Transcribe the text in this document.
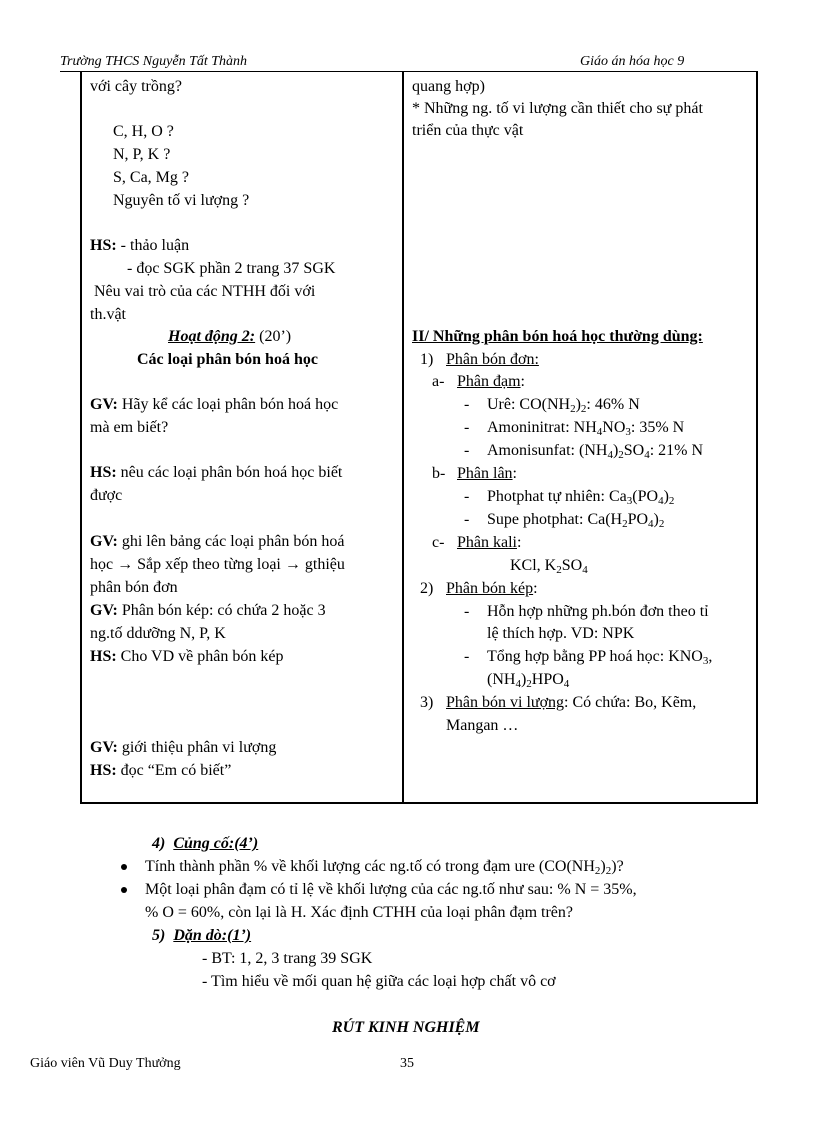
Trường THCS Nguyễn Tất Thành	Giáo án hóa học 9
với cây trồng?
C, H, O ?
N, P, K ?
S, Ca, Mg ?
Nguyên tố vi lượng ?
HS: - thảo luận
- đọc SGK phần 2 trang 37 SGK
Nêu vai trò của các NTHH đối với
th.vật
Hoạt động 2: (20’)
Các loại phân bón hoá học
GV: Hãy kể các loại phân bón hoá học
mà em biết?
HS: nêu các loại phân bón hoá học biết
được
GV: ghi lên bảng các loại phân bón hoá
học → Sắp xếp theo từng loại → gthiệu
phân bón đơn
GV: Phân bón kép: có chứa 2 hoặc 3
ng.tố ddưỡng N, P, K
HS: Cho VD về phân bón kép
GV: giới thiệu phân vi lượng
HS: đọc “Em có biết”
quang hợp)
* Những ng. tố vi lượng cần thiết cho sự phát
triển của thực vật
II/ Những phân bón hoá học thường dùng:
1) Phân bón đơn:
a- Phân đạm:
- Urê: $CO(NH_2)_2$: 46% N
- Amoninitrat: $NH_4NO_3$: 35% N
- Amonisunfat: $(NH_4)_2SO_4$: 21% N
b- Phân lân:
- Photphat tự nhiên: $Ca_3(PO_4)_2$
- Supe photphat: $Ca(H_2PO_4)_2$
c- Phân kali:
KCl, $K_2SO_4$
2) Phân bón kép:
- Hỗn hợp những ph.bón đơn theo tỉ
lệ thích hợp. VD: NPK
- Tổng hợp bằng PP hoá học: $KNO_3$,
$(NH_4)_2HPO_4$
3) Phân bón vi lượng: Có chứa: Bo, Kẽm,
Mangan …
4) Củng cố:(4’)
Tính thành phần % về khối lượng các ng.tố có trong đạm ure $(CO(NH_2)_2)$?
Một loại phân đạm có tỉ lệ về khối lượng của các ng.tố như sau: % N = 35%,
% O = 60%, còn lại là H. Xác định CTHH của loại phân đạm trên?
5) Dặn dò:(1’)
- BT: 1, 2, 3 trang 39 SGK
- Tìm hiểu về mối quan hệ giữa các loại hợp chất vô cơ
RÚT KINH NGHIỆM
Giáo viên Vũ Duy Thưởng	35
